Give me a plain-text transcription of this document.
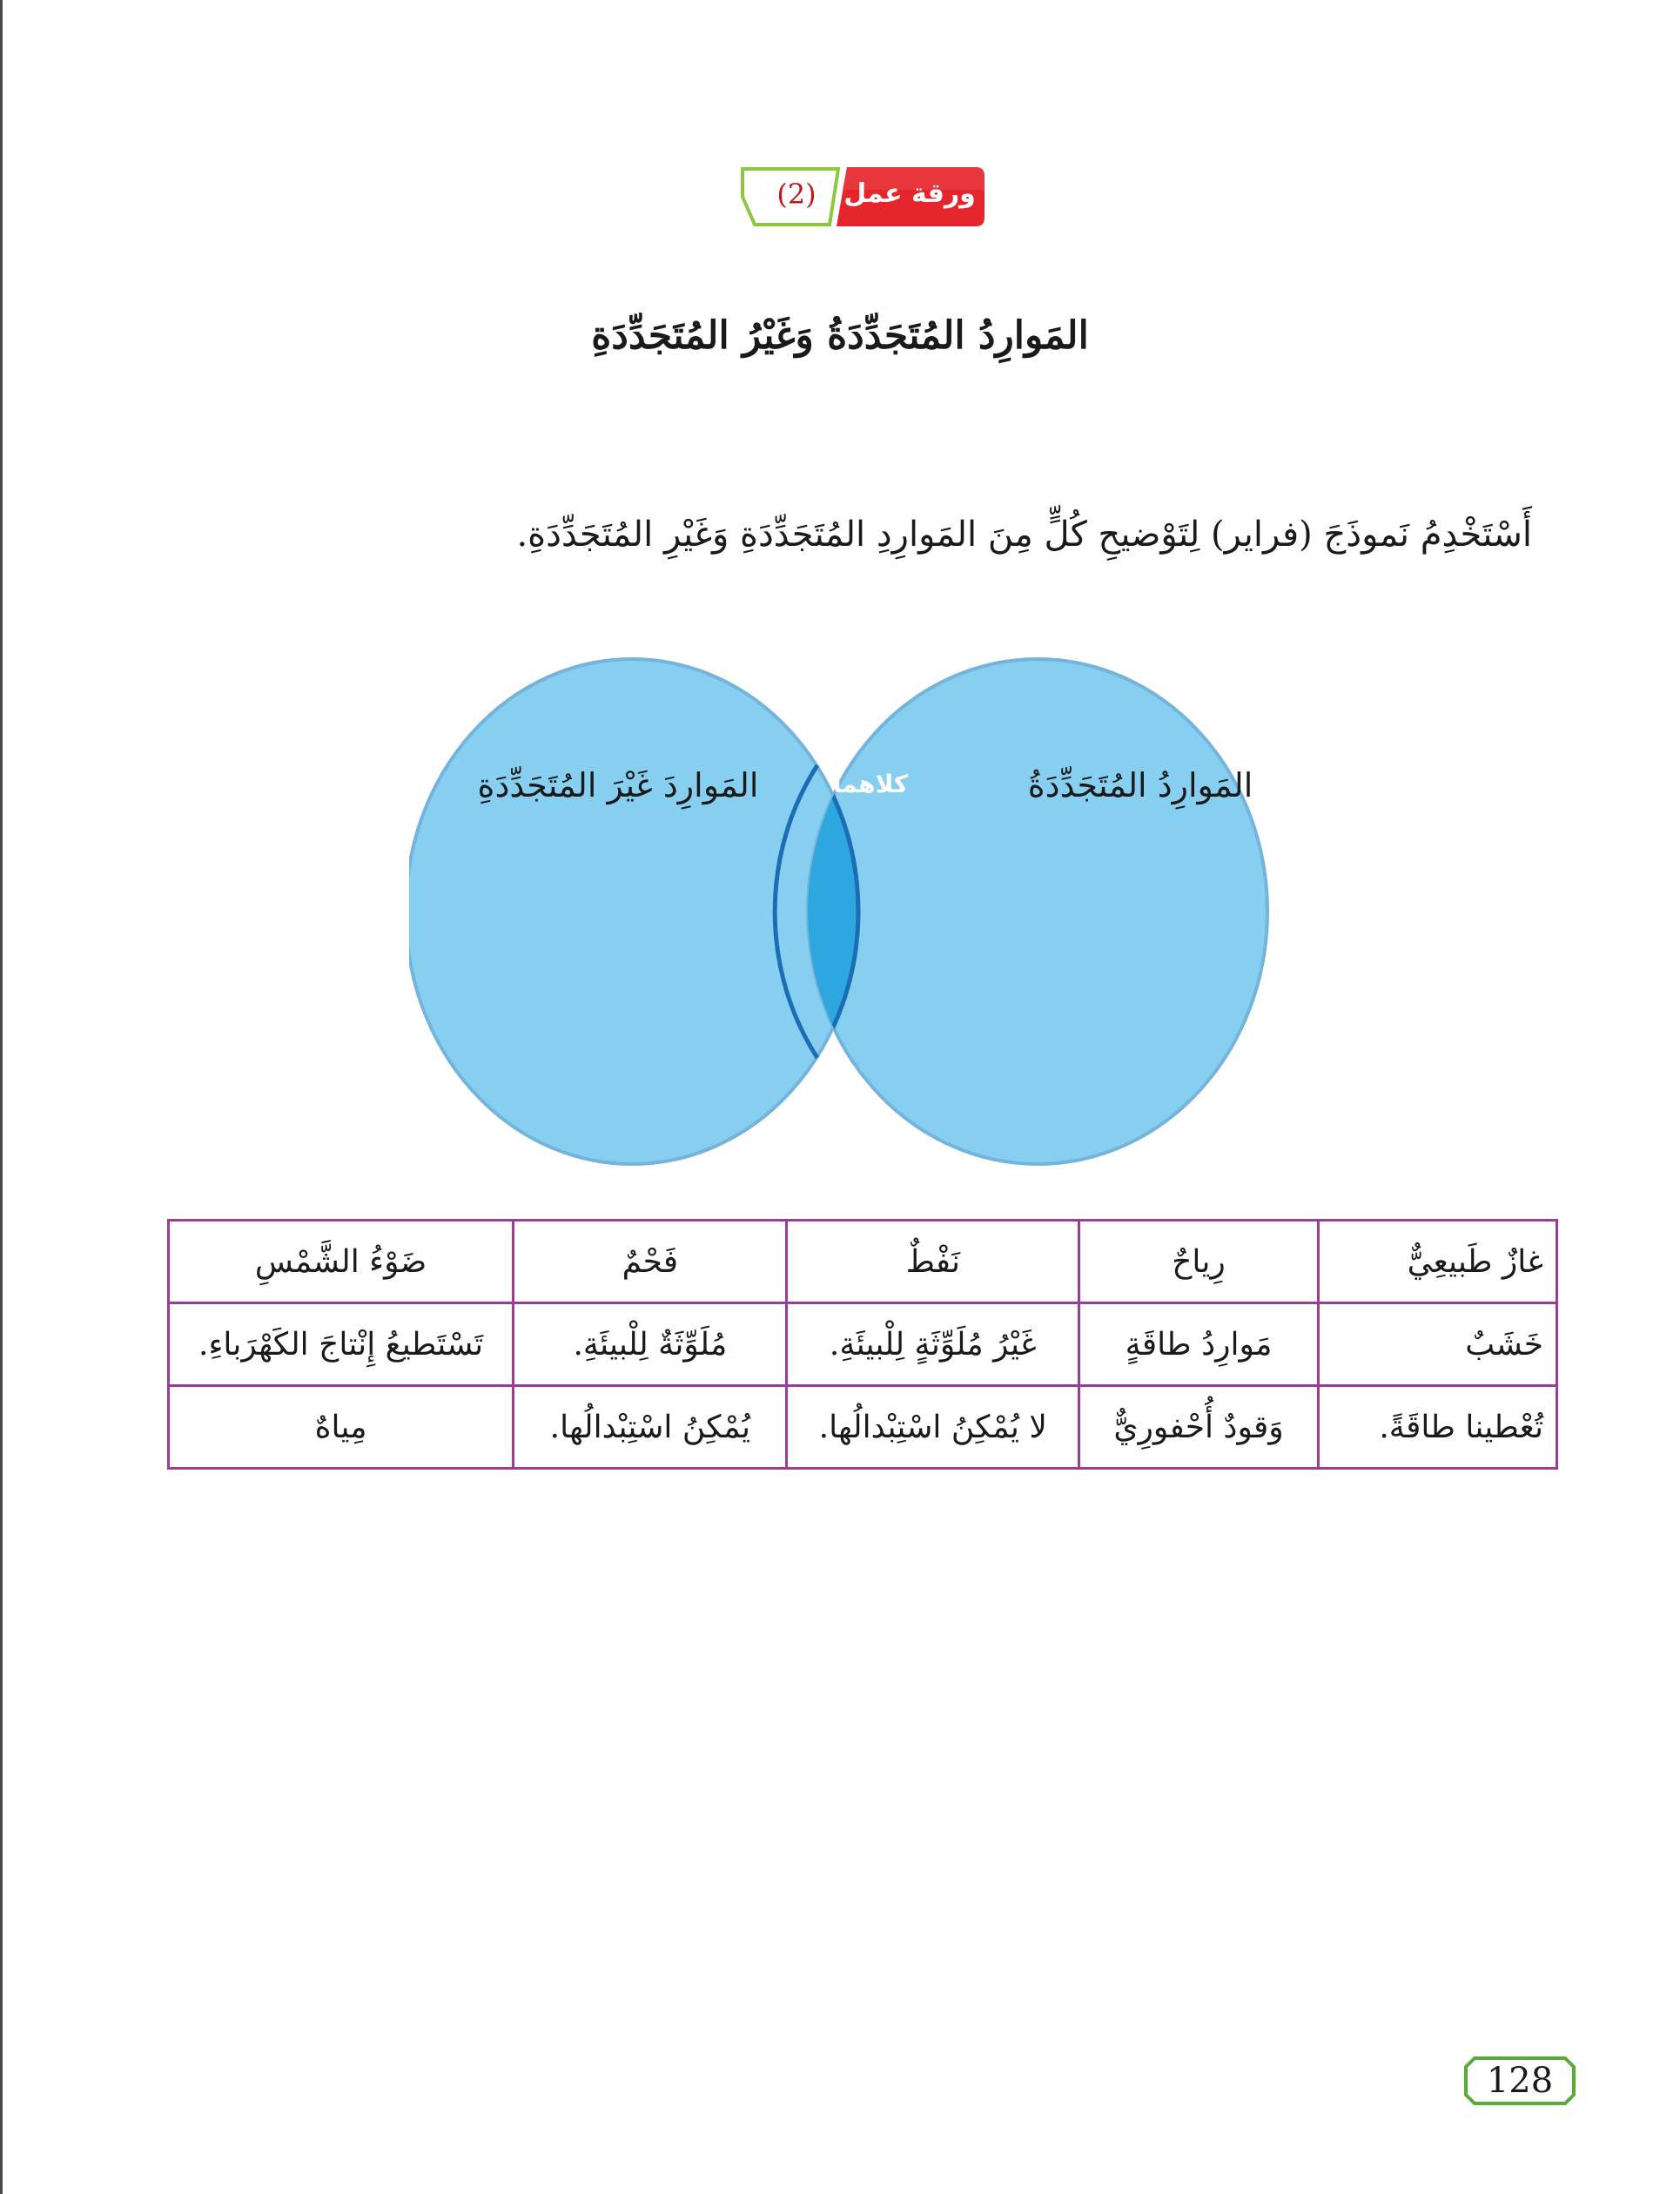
(2)	ورقة عمل
المَوارِدُ المُتَجَدِّدَةُ وَغَيْرُ المُتَجَدِّدَةِ
أَسْتَخْدِمُ نَموذَجَ (فراير) لِتَوْضيحِ كُلٍّ مِنَ المَوارِدِ المُتَجَدِّدَةِ وَغَيْرِ المُتَجَدِّدَةِ.
المَوارِدُ المُتَجَدِّدَةُ
المَوارِدَ غَيْرَ المُتَجَدِّدَةِ	كلاهما
غازٌ طَبيعِيٌّ	رِياحٌ	نَفْطٌ	فَحْمٌ	ضَوْءُ الشَّمْسِ
خَشَبٌ	مَوارِدُ طاقَةٍ	غَيْرُ مُلَوِّثَةٍ لِلْبيئَةِ.	مُلَوِّثَةٌ لِلْبيئَةِ.	تَسْتَطيعُ إِنْتاجَ الكَهْرَباءِ.
تُعْطينا طاقَةً.	وَقودٌ أُحْفورِيٌّ	لا يُمْكِنُ اسْتِبْدالُها.	يُمْكِنُ اسْتِبْدالُها.	مِياهٌ
128
